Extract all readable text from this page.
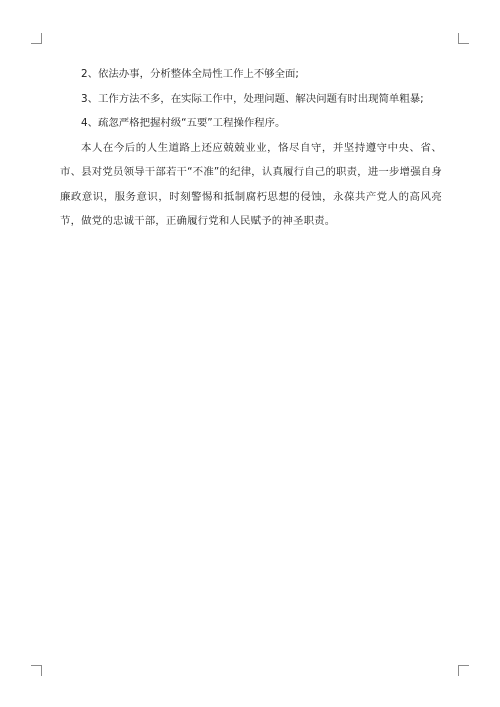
2、依法办事，分析整体全局性工作上不够全面;

3、工作方法不多，在实际工作中，处理问题、解决问题有时出现简单粗暴;

4、疏忽严格把握村级“五要”工程操作程序。

本人在今后的人生道路上还应兢兢业业，恪尽自守，并坚持遵守中央、省、市、县对党员领导干部若干“不准”的纪律，认真履行自己的职责，进一步增强自身廉政意识，服务意识，时刻警惕和抵制腐朽思想的侵蚀，永葆共产党人的高风亮节，做党的忠诚干部，正确履行党和人民赋予的神圣职责。
